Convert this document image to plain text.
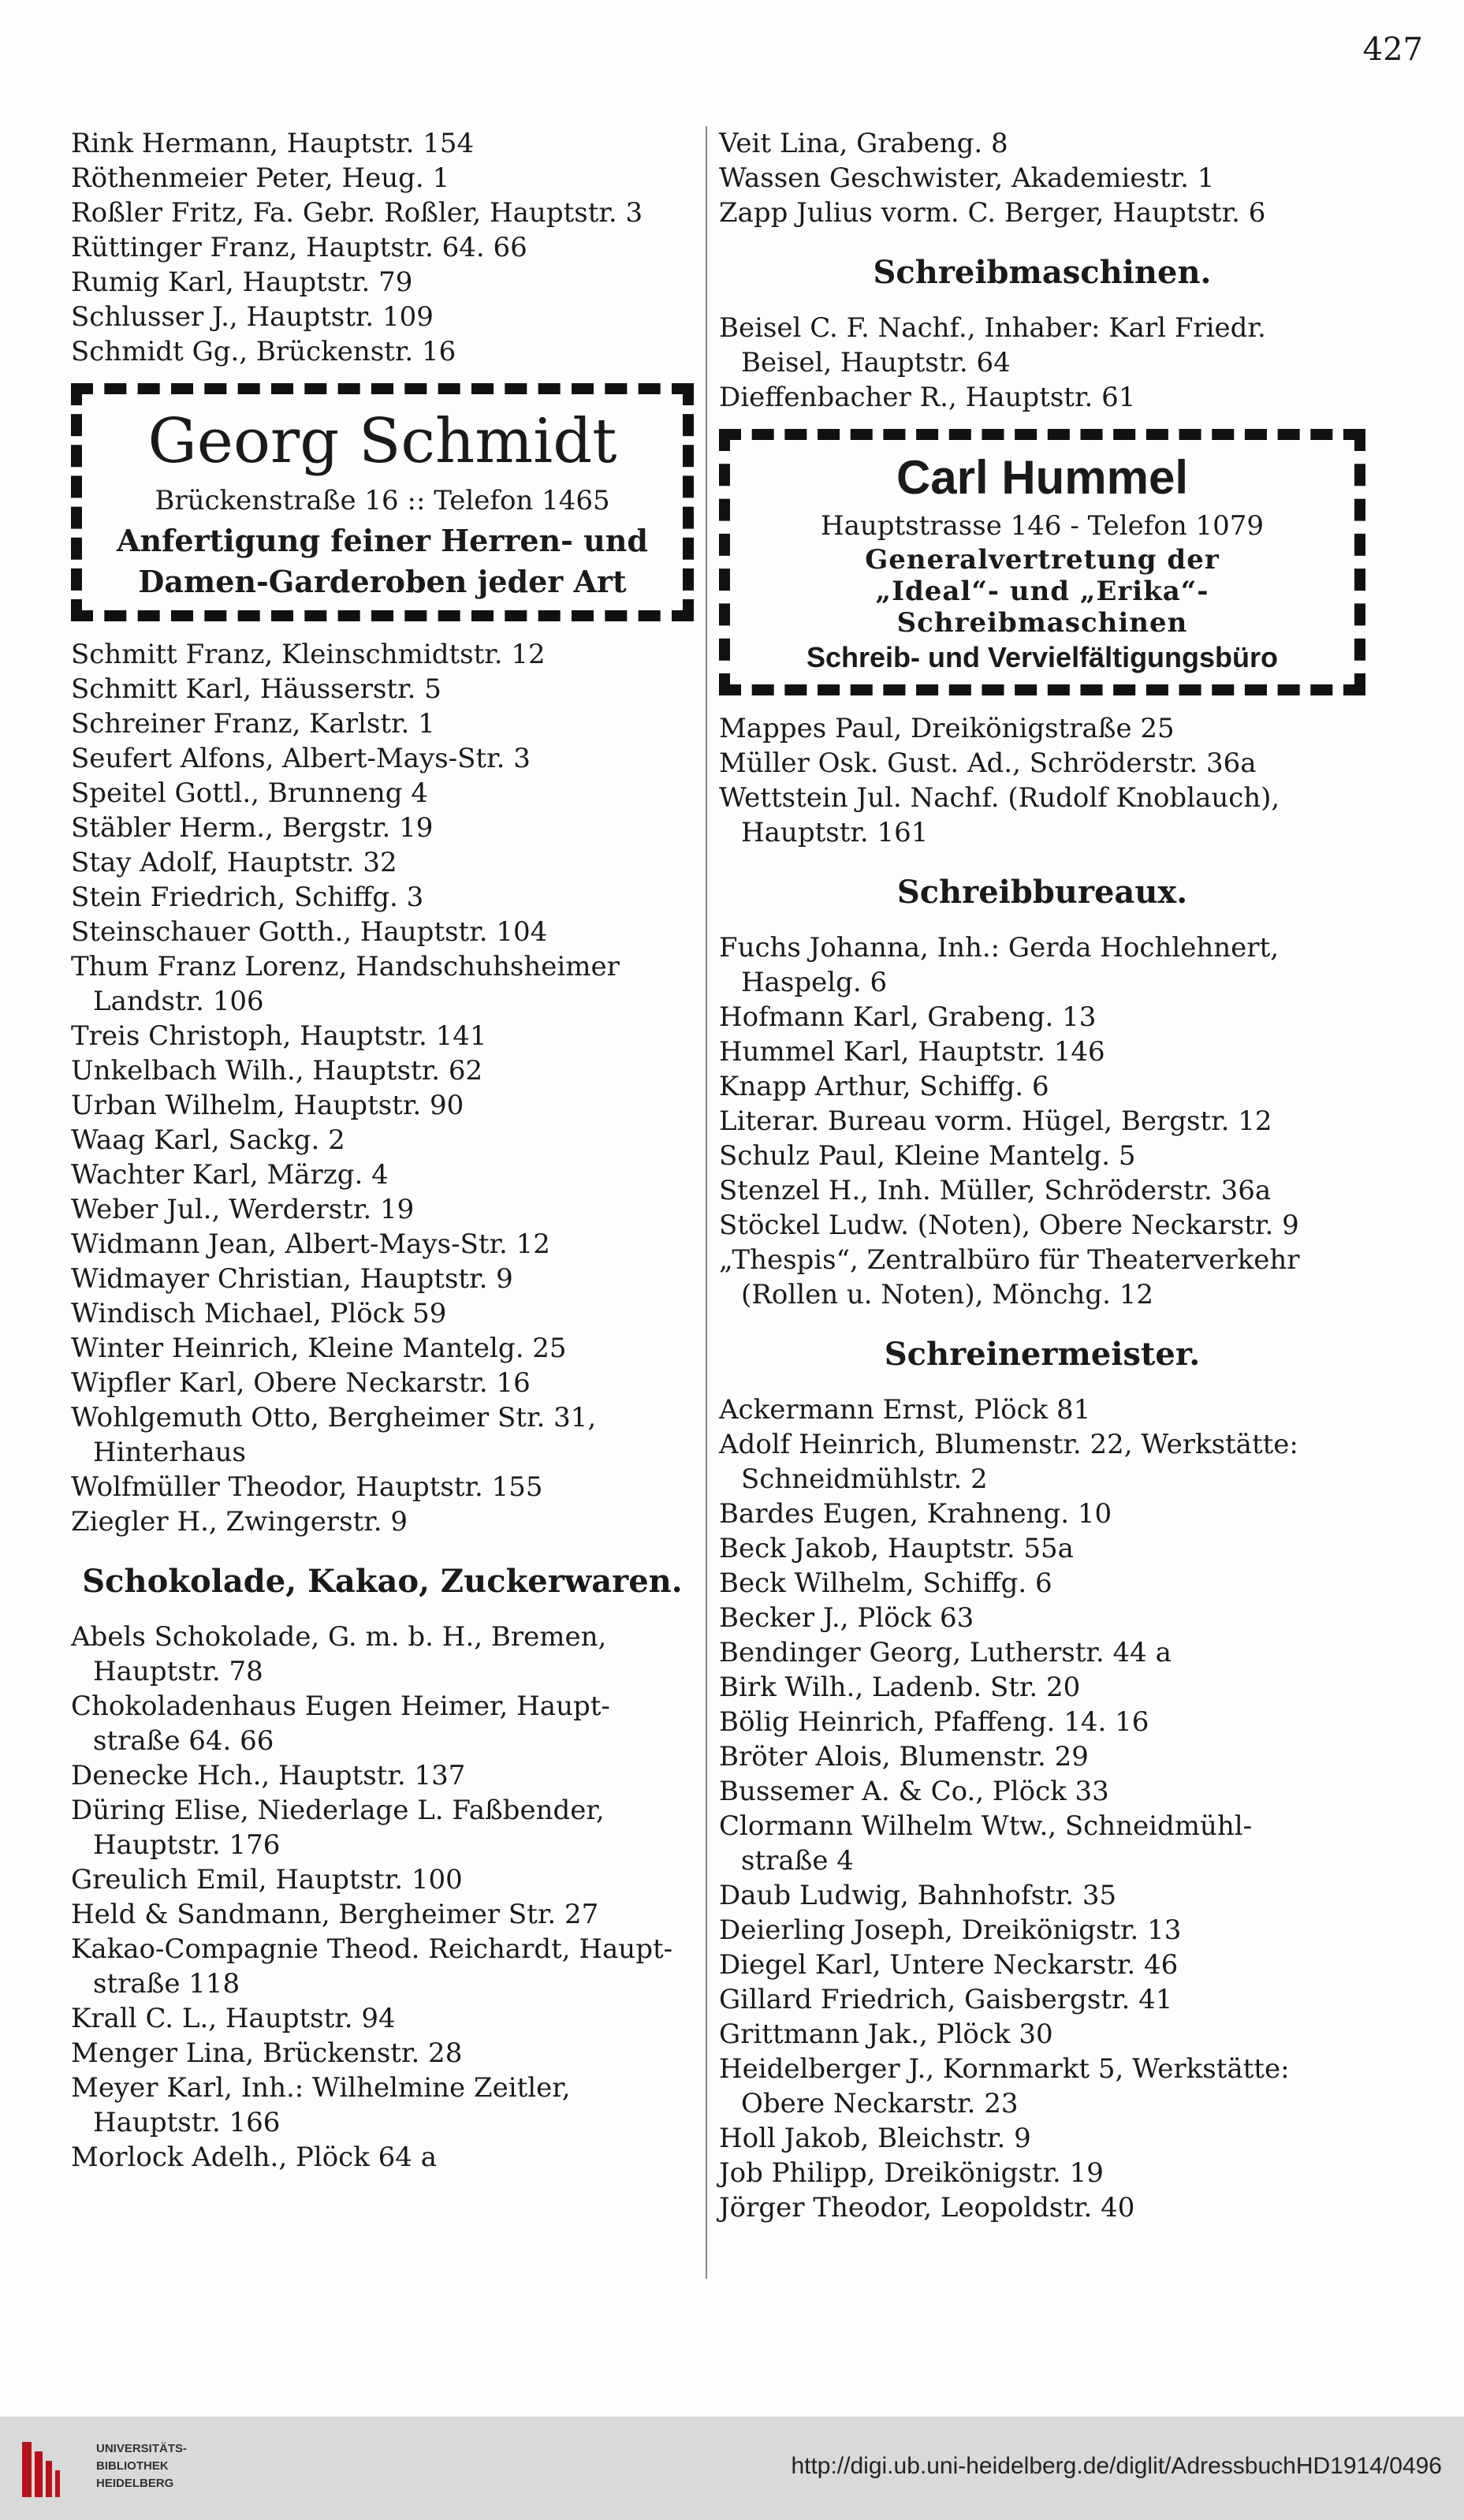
427

Rink Hermann, Hauptstr. 154

Röthenmeier Peter, Heug. 1

Roßler Fritz, Fa. Gebr. Roßler, Hauptstr. 3

Rüttinger Franz, Hauptstr. 64. 66

Rumig Karl, Hauptstr. 79

Schlusser J., Hauptstr. 109

Schmidt Gg., Brückenstr. 16

Georg Schmidt

Brückenstraße 16 :: Telefon 1465

Anfertigung feiner Herren- und

Damen-Garderoben jeder Art

Schmitt Franz, Kleinschmidtstr. 12

Schmitt Karl, Häusserstr. 5

Schreiner Franz, Karlstr. 1

Seufert Alfons, Albert-Mays-Str. 3

Speitel Gottl., Brunneng 4

Stäbler Herm., Bergstr. 19

Stay Adolf, Hauptstr. 32

Stein Friedrich, Schiffg. 3

Steinschauer Gotth., Hauptstr. 104

Thum Franz Lorenz, Handschuhsheimer

Landstr. 106

Treis Christoph, Hauptstr. 141

Unkelbach Wilh., Hauptstr. 62

Urban Wilhelm, Hauptstr. 90

Waag Karl, Sackg. 2

Wachter Karl, Märzg. 4

Weber Jul., Werderstr. 19

Widmann Jean, Albert-Mays-Str. 12

Widmayer Christian, Hauptstr. 9

Windisch Michael, Plöck 59

Winter Heinrich, Kleine Mantelg. 25

Wipfler Karl, Obere Neckarstr. 16

Wohlgemuth Otto, Bergheimer Str. 31,

Hinterhaus

Wolfmüller Theodor, Hauptstr. 155

Ziegler H., Zwingerstr. 9

Schokolade, Kakao, Zuckerwaren.

Abels Schokolade, G. m. b. H., Bremen,

Hauptstr. 78

Chokoladenhaus Eugen Heimer, Haupt-

straße 64. 66

Denecke Hch., Hauptstr. 137

Düring Elise, Niederlage L. Faßbender,

Hauptstr. 176

Greulich Emil, Hauptstr. 100

Held & Sandmann, Bergheimer Str. 27

Kakao-Compagnie Theod. Reichardt, Haupt-

straße 118

Krall C. L., Hauptstr. 94

Menger Lina, Brückenstr. 28

Meyer Karl, Inh.: Wilhelmine Zeitler,

Hauptstr. 166

Morlock Adelh., Plöck 64 a

Veit Lina, Grabeng. 8

Wassen Geschwister, Akademiestr. 1

Zapp Julius vorm. C. Berger, Hauptstr. 6

Schreibmaschinen.

Beisel C. F. Nachf., Inhaber: Karl Friedr.

Beisel, Hauptstr. 64

Dieffenbacher R., Hauptstr. 61

Carl Hummel

Hauptstrasse 146 - Telefon 1079

Generalvertretung der

„Ideal“- und „Erika“-

Schreibmaschinen

Schreib- und Vervielfältigungsbüro

Mappes Paul, Dreikönigstraße 25

Müller Osk. Gust. Ad., Schröderstr. 36a

Wettstein Jul. Nachf. (Rudolf Knoblauch),

Hauptstr. 161

Schreibbureaux.

Fuchs Johanna, Inh.: Gerda Hochlehnert,

Haspelg. 6

Hofmann Karl, Grabeng. 13

Hummel Karl, Hauptstr. 146

Knapp Arthur, Schiffg. 6

Literar. Bureau vorm. Hügel, Bergstr. 12

Schulz Paul, Kleine Mantelg. 5

Stenzel H., Inh. Müller, Schröderstr. 36a

Stöckel Ludw. (Noten), Obere Neckarstr. 9

„Thespis“, Zentralbüro für Theaterverkehr

(Rollen u. Noten), Mönchg. 12

Schreinermeister.

Ackermann Ernst, Plöck 81

Adolf Heinrich, Blumenstr. 22, Werkstätte:

Schneidmühlstr. 2

Bardes Eugen, Krahneng. 10

Beck Jakob, Hauptstr. 55a

Beck Wilhelm, Schiffg. 6

Becker J., Plöck 63

Bendinger Georg, Lutherstr. 44 a

Birk Wilh., Ladenb. Str. 20

Bölig Heinrich, Pfaffeng. 14. 16

Bröter Alois, Blumenstr. 29

Bussemer A. & Co., Plöck 33

Clormann Wilhelm Wtw., Schneidmühl-

straße 4

Daub Ludwig, Bahnhofstr. 35

Deierling Joseph, Dreikönigstr. 13

Diegel Karl, Untere Neckarstr. 46

Gillard Friedrich, Gaisbergstr. 41

Grittmann Jak., Plöck 30

Heidelberger J., Kornmarkt 5, Werkstätte:

Obere Neckarstr. 23

Holl Jakob, Bleichstr. 9

Job Philipp, Dreikönigstr. 19

Jörger Theodor, Leopoldstr. 40

UNIVERSITÄTS-
BIBLIOTHEK
HEIDELBERG
http://digi.ub.uni-heidelberg.de/diglit/AdressbuchHD1914/0496
